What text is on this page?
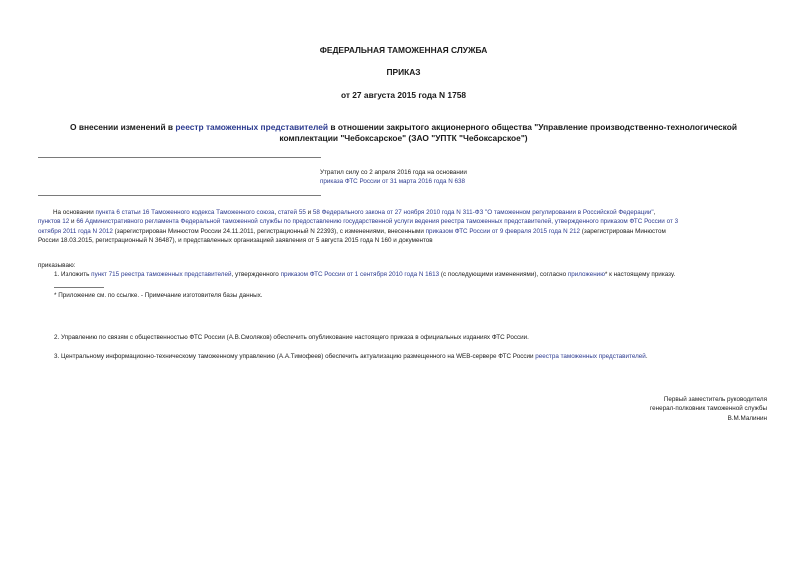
ФЕДЕРАЛЬНАЯ ТАМОЖЕННАЯ СЛУЖБА
ПРИКАЗ
от 27 августа 2015 года N 1758
О внесении изменений в реестр таможенных представителей в отношении закрытого акционерного общества "Управление производственно-технологической
комплектации "Чебоксарское" (ЗАО "УПТК "Чебоксарское")
Утратил силу со 2 апреля 2016 года на основании
приказа ФТС России от 31 марта 2016 года N 638
На основании пункта 6 статьи 16 Таможенного кодекса Таможенного союза, статей 55 и 58 Федерального закона от 27 ноября 2010 года N 311-ФЗ "О таможенном регулировании в Российской Федерации",
пунктов 12 и 66 Административного регламента Федеральной таможенной службы по предоставлению государственной услуги ведения реестра таможенных представителей, утвержденного приказом ФТС России от 3
октября 2011 года N 2012 (зарегистрирован Минюстом России 24.11.2011, регистрационный N 22393), с изменениями, внесенными приказом ФТС России от 9 февраля 2015 года N 212 (зарегистрирован Минюстом
России 18.03.2015, регистрационный N 36487), и представленных организацией заявления от 5 августа 2015 года N 160 и документов
приказываю:
1. Изложить пункт 715 реестра таможенных представителей, утвержденного приказом ФТС России от 1 сентября 2010 года N 1613 (с последующими изменениями), согласно приложению* к настоящему приказу.
* Приложение см. по ссылке. - Примечание изготовителя базы данных.
2. Управлению по связям с общественностью ФТС России (А.В.Смоляков) обеспечить опубликование настоящего приказа в официальных изданиях ФТС России.
3. Центральному информационно-техническому таможенному управлению (А.А.Тимофеев) обеспечить актуализацию размещенного на WEB-сервере ФТС России реестра таможенных представителей.
Первый заместитель руководителя
генерал-полковник таможенной службы
В.М.Малинин
